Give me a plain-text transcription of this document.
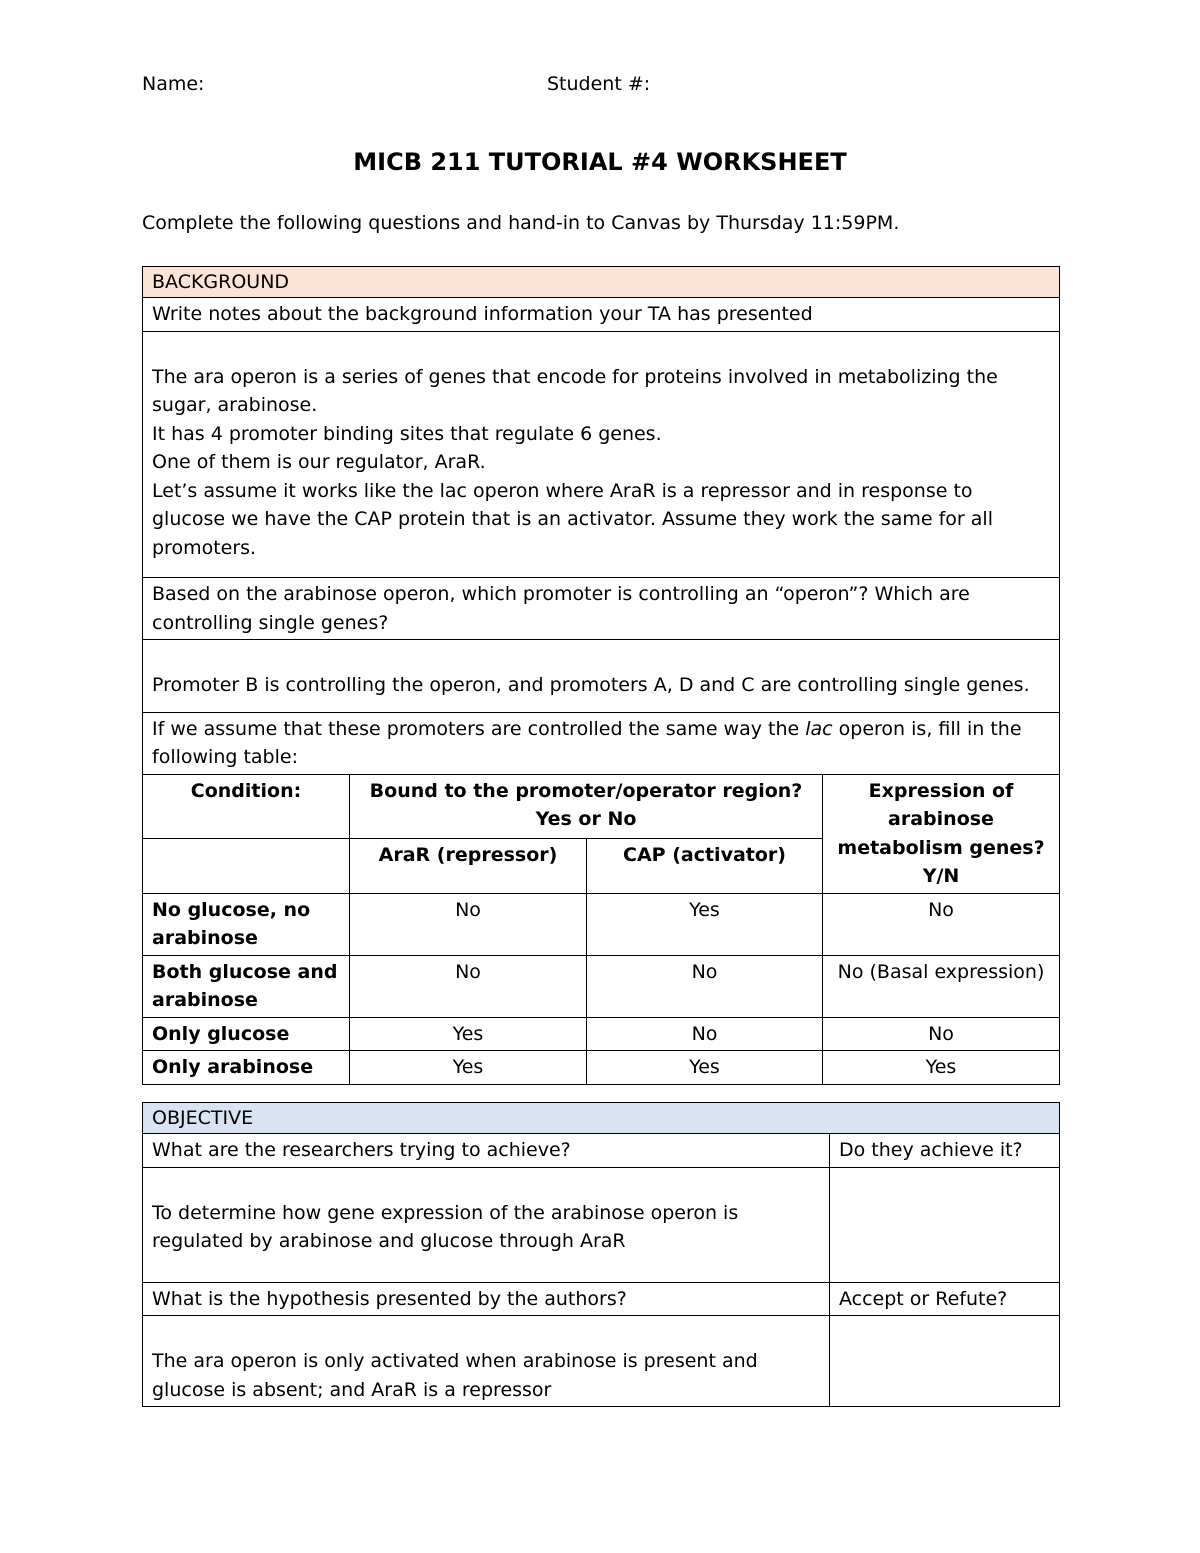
Name:	Student #:
MICB 211 TUTORIAL #4 WORKSHEET
Complete the following questions and hand-in to Canvas by Thursday 11:59PM.
BACKGROUND			
Write notes about the background information your TA has presented			

The ara operon is a series of genes that encode for proteins involved in metabolizing the sugar, arabinose.
It has 4 promoter binding sites that regulate 6 genes.
One of them is our regulator, AraR.
Let’s assume it works like the lac operon where AraR is a repressor and in response to glucose we have the CAP protein that is an activator. Assume they work the same for all promoters.			

Based on the arabinose operon, which promoter is controlling an “operon”? Which are controlling single genes?			
Promoter B is controlling the operon, and promoters A, D and C are controlling single genes.			
If we assume that these promoters are controlled the same way the lac operon is, fill in the following table:			
Condition:	Bound to the promoter/operator region? Yes or No		Expression of arabinose metabolism genes? Y/N
	AraR (repressor)	CAP (activator)	
No glucose, no arabinose	No	Yes	No
Both glucose and arabinose	No	No	No (Basal expression)
Only glucose	Yes	No	No
Only arabinose	Yes	Yes	Yes
OBJECTIVE	
What are the researchers trying to achieve?	Do they achieve it?
To determine how gene expression of the arabinose operon is regulated by arabinose and glucose through AraR	
What is the hypothesis presented by the authors?	Accept or Refute?
The ara operon is only activated when arabinose is present and glucose is absent; and AraR is a repressor	
